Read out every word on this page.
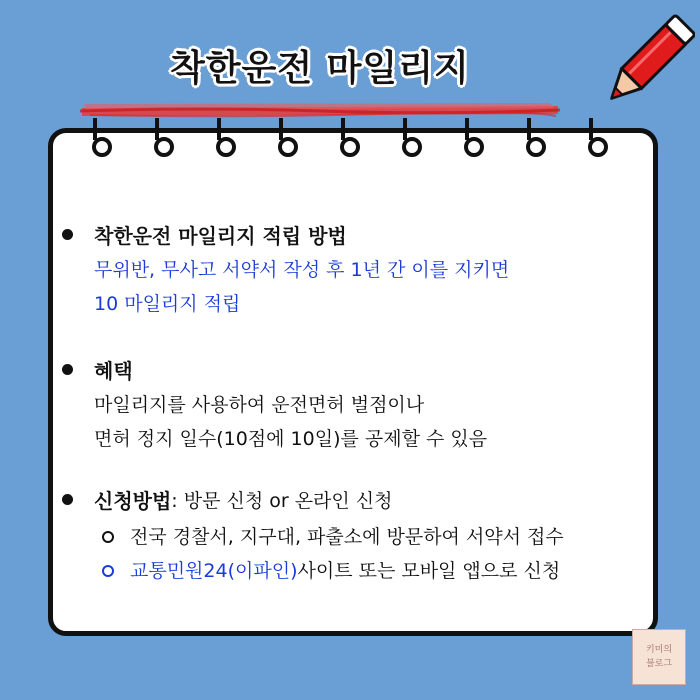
착한운전 마일리지
착한운전 마일리지 적립 방법
무위반, 무사고 서약서 작성 후 1년 간 이를 지키면
10 마일리지 적립
혜택
마일리지를 사용하여 운전면허 벌점이나
면허 정지 일수(10점에 10일)를 공제할 수 있음
신청방법 : 방문 신청 or 온라인 신청
전국 경찰서, 지구대, 파출소에 방문하여 서약서 접수
교통민원24(이파인) 사이트 또는 모바일 앱으로 신청
키미의
블로그
